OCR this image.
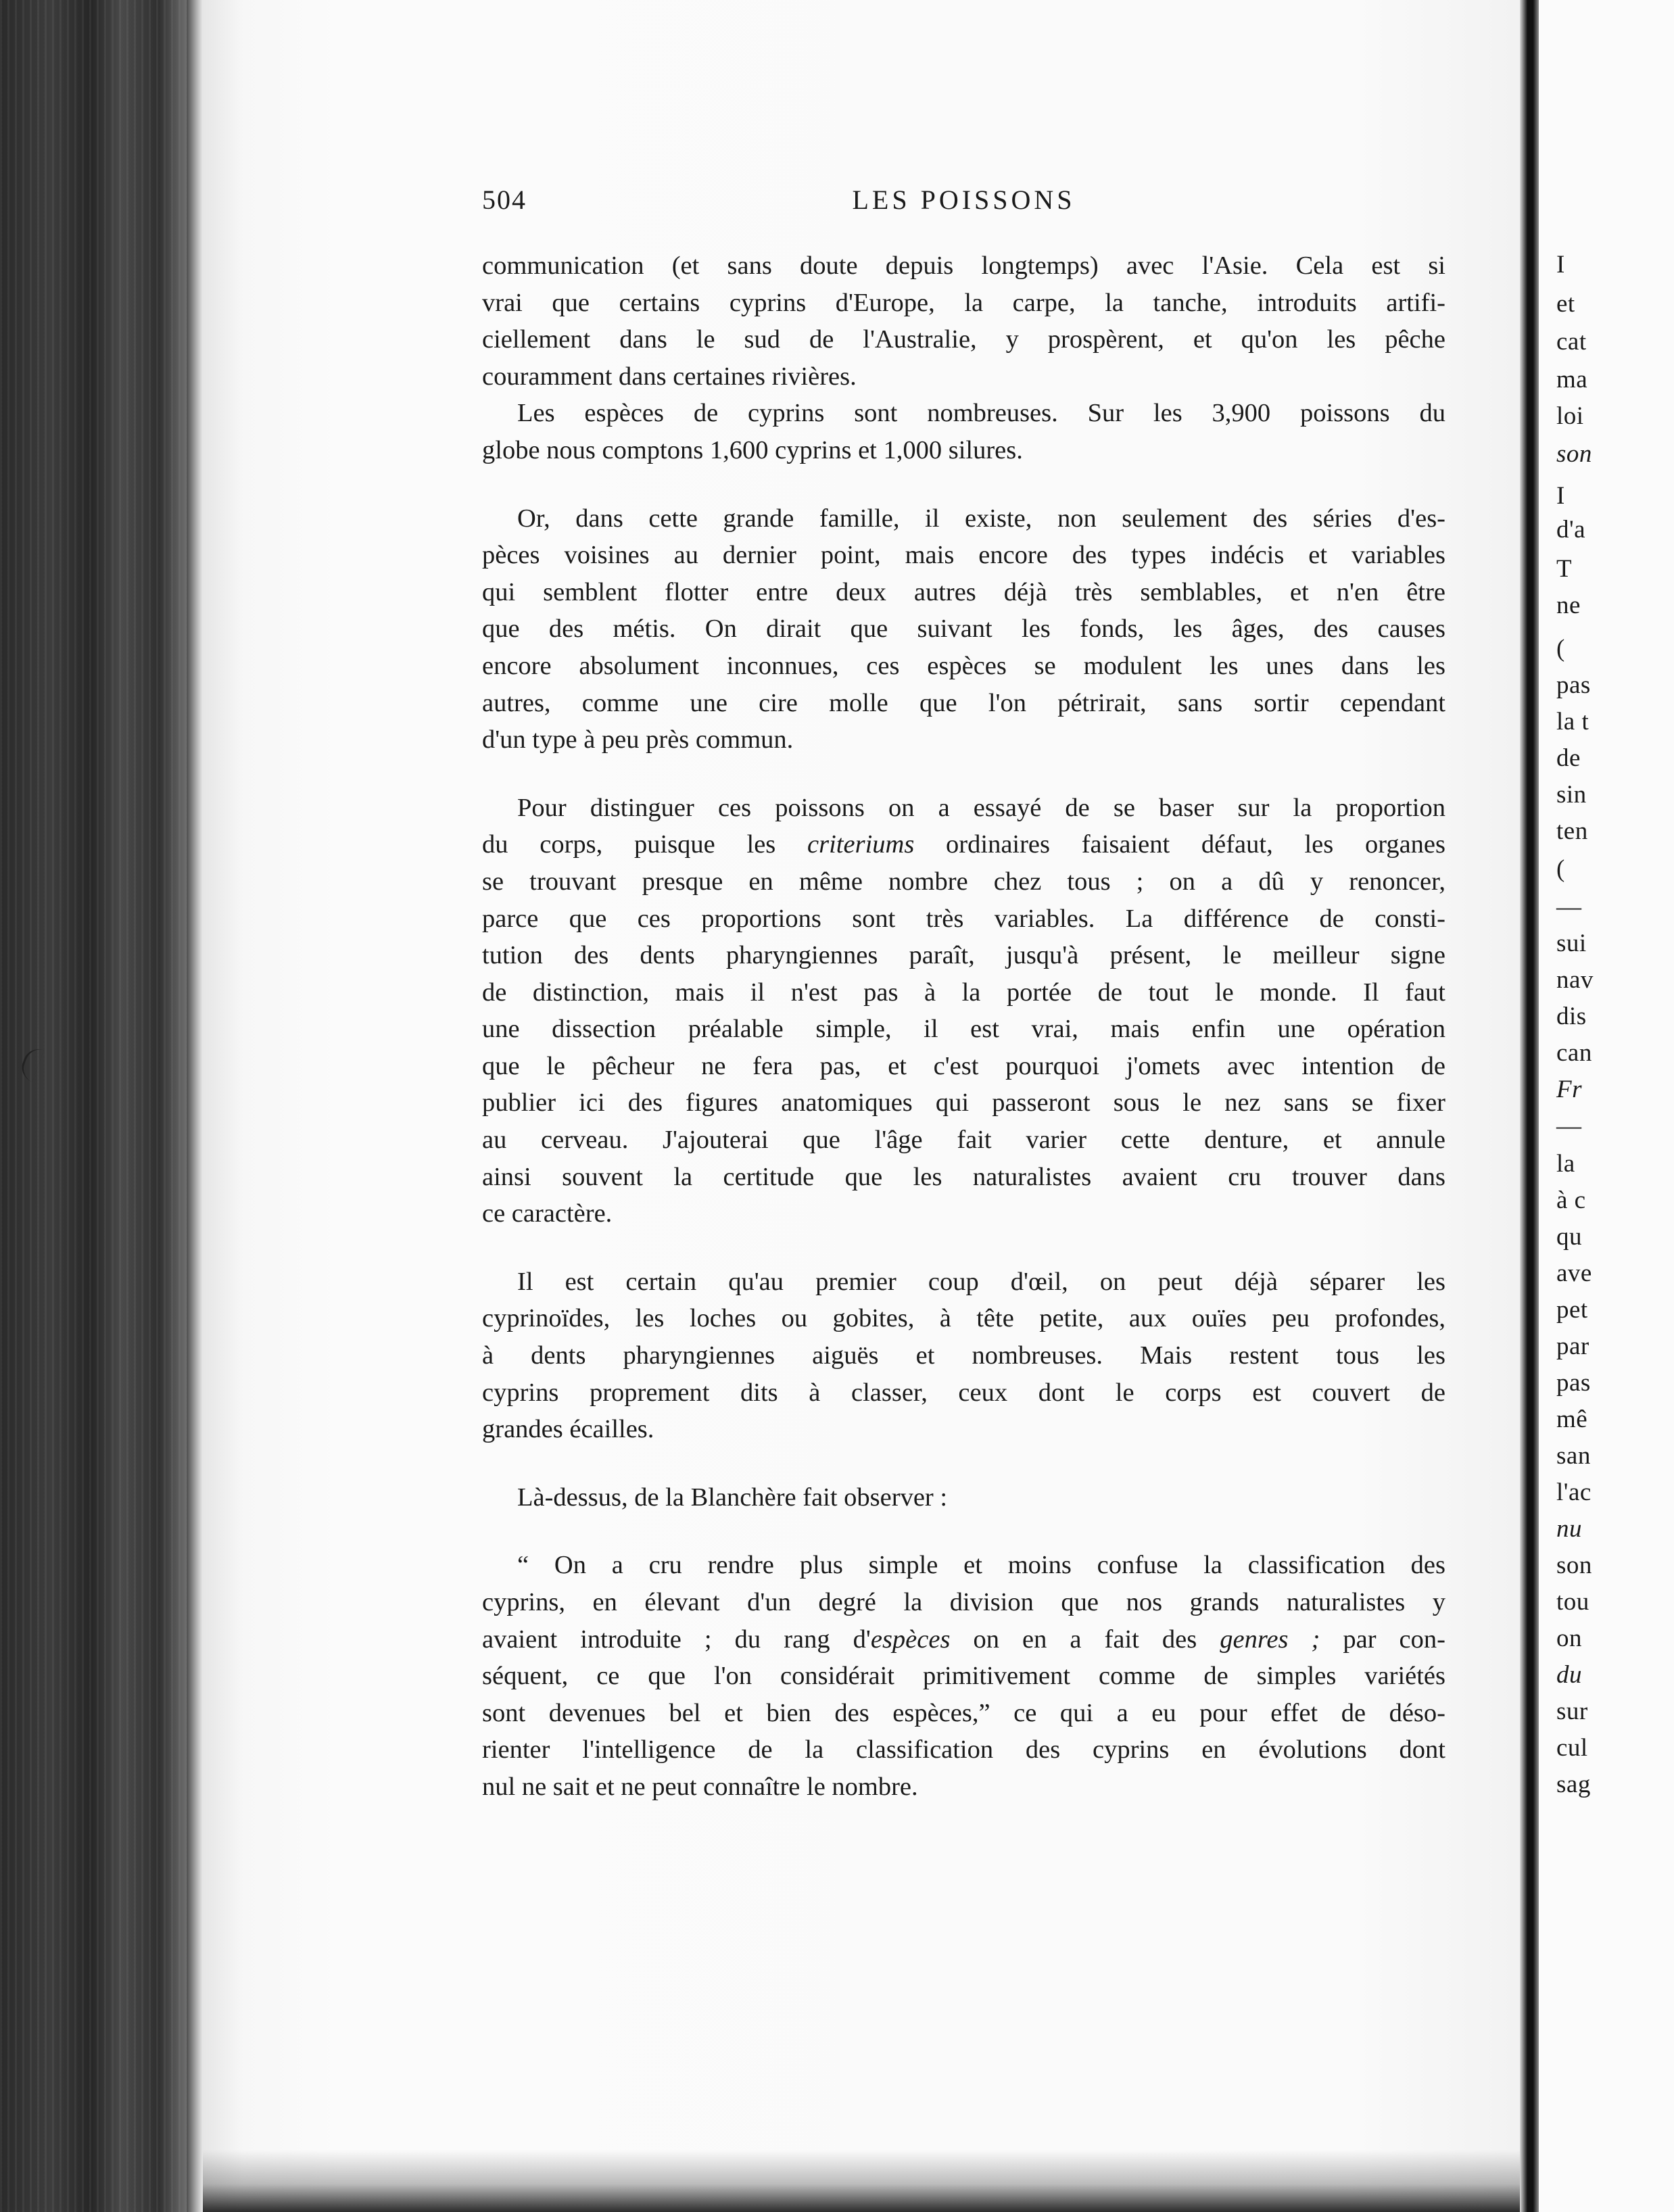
504	LES POISSONS
communication (et sans doute depuis longtemps) avec l'Asie. Cela est si
vrai que certains cyprins d'Europe, la carpe, la tanche, introduits artifi-
ciellement dans le sud de l'Australie, y prospèrent, et qu'on les pêche
couramment dans certaines rivières.
Les espèces de cyprins sont nombreuses. Sur les 3,900 poissons du
globe nous comptons 1,600 cyprins et 1,000 silures.
Or, dans cette grande famille, il existe, non seulement des séries d'es-
pèces voisines au dernier point, mais encore des types indécis et variables
qui semblent flotter entre deux autres déjà très semblables, et n'en être
que des métis. On dirait que suivant les fonds, les âges, des causes
encore absolument inconnues, ces espèces se modulent les unes dans les
autres, comme une cire molle que l'on pétrirait, sans sortir cependant
d'un type à peu près commun.
Pour distinguer ces poissons on a essayé de se baser sur la proportion
du corps, puisque les criteriums ordinaires faisaient défaut, les organes
se trouvant presque en même nombre chez tous ; on a dû y renoncer,
parce que ces proportions sont très variables. La différence de consti-
tution des dents pharyngiennes paraît, jusqu'à présent, le meilleur signe
de distinction, mais il n'est pas à la portée de tout le monde. Il faut
une dissection préalable simple, il est vrai, mais enfin une opération
que le pêcheur ne fera pas, et c'est pourquoi j'omets avec intention de
publier ici des figures anatomiques qui passeront sous le nez sans se fixer
au cerveau. J'ajouterai que l'âge fait varier cette denture, et annule
ainsi souvent la certitude que les naturalistes avaient cru trouver dans
ce caractère.
Il est certain qu'au premier coup d'œil, on peut déjà séparer les
cyprinoïdes, les loches ou gobites, à tête petite, aux ouïes peu profondes,
à dents pharyngiennes aiguës et nombreuses. Mais restent tous les
cyprins proprement dits à classer, ceux dont le corps est couvert de
grandes écailles.
Là-dessus, de la Blanchère fait observer :
“ On a cru rendre plus simple et moins confuse la classification des
cyprins, en élevant d'un degré la division que nos grands naturalistes y
avaient introduite ; du rang d'espèces on en a fait des genres ; par con-
séquent, ce que l'on considérait primitivement comme de simples variétés
sont devenues bel et bien des espèces,” ce qui a eu pour effet de déso-
rienter l'intelligence de la classification des cyprins en évolutions dont
nul ne sait et ne peut connaître le nombre.
I
et
cat
ma
loi
son
I
d'a
T
ne
(
pas
la t
de
sin
ten
(
—
sui
nav
dis
can
Fr
—
la
à c
qu
ave
pet
par
pas
mê
san
l'ac
nu
son
tou
on
du
sur
cul
sag
